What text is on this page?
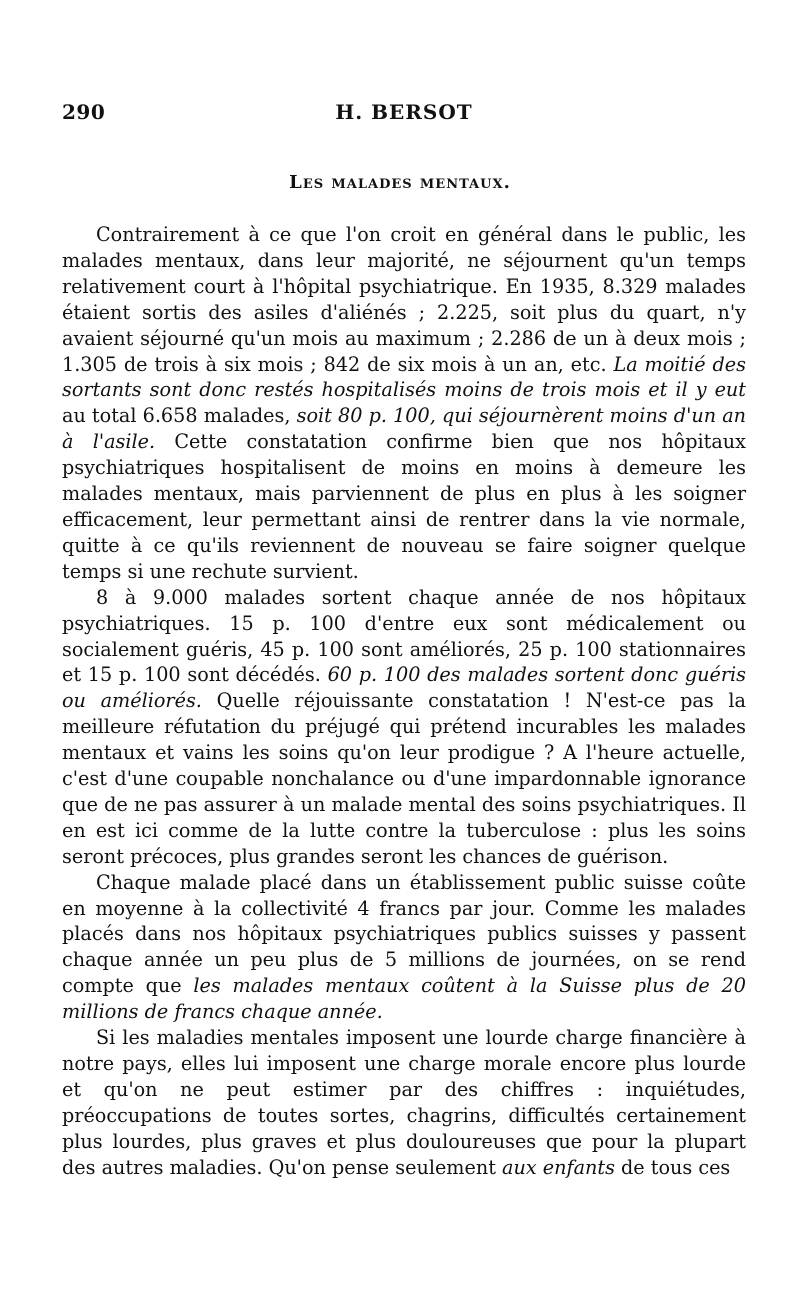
290	H. BERSOT
Les malades mentaux.

Contrairement à ce que l'on croit en général dans le public, les malades mentaux, dans leur majorité, ne séjournent qu'un temps relativement court à l'hôpital psychiatrique. En 1935, 8.329 malades étaient sortis des asiles d'aliénés ; 2.225, soit plus du quart, n'y avaient séjourné qu'un mois au maximum ; 2.286 de un à deux mois ; 1.305 de trois à six mois ; 842 de six mois à un an, etc. La moitié des sortants sont donc restés hospitalisés moins de trois mois et il y eut au total 6.658 malades, soit 80 p. 100, qui séjournèrent moins d'un an à l'asile. Cette constatation confirme bien que nos hôpitaux psychiatriques hospitalisent de moins en moins à demeure les malades mentaux, mais parviennent de plus en plus à les soigner efficacement, leur permettant ainsi de rentrer dans la vie normale, quitte à ce qu'ils reviennent de nouveau se faire soigner quelque temps si une rechute survient.

8 à 9.000 malades sortent chaque année de nos hôpitaux psychiatriques. 15 p. 100 d'entre eux sont médicalement ou socialement guéris, 45 p. 100 sont améliorés, 25 p. 100 stationnaires et 15 p. 100 sont décédés. 60 p. 100 des malades sortent donc guéris ou améliorés. Quelle réjouissante constatation ! N'est-ce pas la meilleure réfutation du préjugé qui prétend incurables les malades mentaux et vains les soins qu'on leur prodigue ? A l'heure actuelle, c'est d'une coupable nonchalance ou d'une impardonnable ignorance que de ne pas assurer à un malade mental des soins psychiatriques. Il en est ici comme de la lutte contre la tuberculose : plus les soins seront précoces, plus grandes seront les chances de guérison.

Chaque malade placé dans un établissement public suisse coûte en moyenne à la collectivité 4 francs par jour. Comme les malades placés dans nos hôpitaux psychiatriques publics suisses y passent chaque année un peu plus de 5 millions de journées, on se rend compte que les malades mentaux coûtent à la Suisse plus de 20 millions de francs chaque année.

Si les maladies mentales imposent une lourde charge financière à notre pays, elles lui imposent une charge morale encore plus lourde et qu'on ne peut estimer par des chiffres : inquiétudes, préoccupations de toutes sortes, chagrins, difficultés certainement plus lourdes, plus graves et plus douloureuses que pour la plupart des autres maladies. Qu'on pense seulement aux enfants de tous ces
